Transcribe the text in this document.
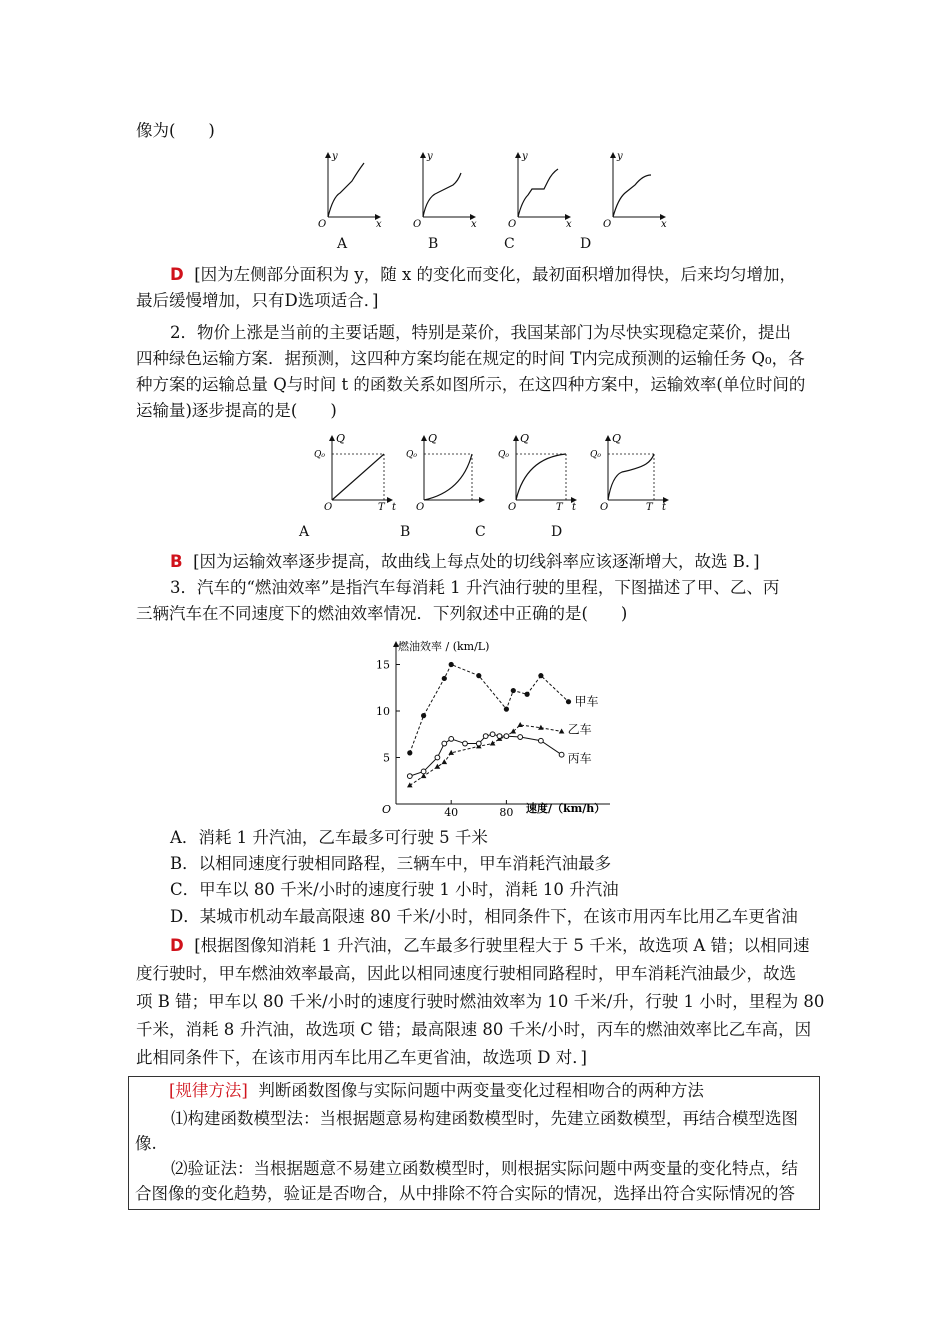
像为(　　)
y
x
O
y
x
O
y
x
O
y
x
O
A	B	C	D
D [因为左侧部分面积为 y，随 x 的变化而变化，最初面积增加得快，后来均匀增加，
最后缓慢增加，只有D选项适合．]
2．物价上涨是当前的主要话题，特别是菜价，我国某部门为尽快实现稳定菜价，提出
四种绿色运输方案．据预测，这四种方案均能在规定的时间 T内完成预测的运输任务 Q₀，各
种方案的运输总量 Q与时间 t 的函数关系如图所示，在这四种方案中，运输效率(单位时间的
运输量)逐步提高的是(　　)
Q
Q₀
O	T t
Q
Q₀
O
Q
Q₀
O	T t
Q
Q₀
O	T t
A	B	C	D
B [因为运输效率逐步提高，故曲线上每点处的切线斜率应该逐渐增大，故选 B．]
3．汽车的“燃油效率”是指汽车每消耗 1 升汽油行驶的里程，下图描述了甲、乙、丙
三辆汽车在不同速度下的燃油效率情况．下列叙述中正确的是(　　)
燃油效率 / (km/L)
速度/（km/h）
O
5
10
15
40	80
甲车
乙车
丙车
A．消耗 1 升汽油，乙车最多可行驶 5 千米
B．以相同速度行驶相同路程，三辆车中，甲车消耗汽油最多
C．甲车以 80 千米/小时的速度行驶 1 小时，消耗 10 升汽油
D．某城市机动车最高限速 80 千米/小时，相同条件下，在该市用丙车比用乙车更省油
D [根据图像知消耗 1 升汽油，乙车最多行驶里程大于 5 千米，故选项 A 错；以相同速
度行驶时，甲车燃油效率最高，因此以相同速度行驶相同路程时，甲车消耗汽油最少，故选
项 B 错；甲车以 80 千米/小时的速度行驶时燃油效率为 10 千米/升，行驶 1 小时，里程为 80
千米，消耗 8 升汽油，故选项 C 错；最高限速 80 千米/小时，丙车的燃油效率比乙车高，因
此相同条件下，在该市用丙车比用乙车更省油，故选项 D 对．]
[规律方法] 判断函数图像与实际问题中两变量变化过程相吻合的两种方法
⑴构建函数模型法：当根据题意易构建函数模型时，先建立函数模型，再结合模型选图
像.
⑵验证法：当根据题意不易建立函数模型时，则根据实际问题中两变量的变化特点，结
合图像的变化趋势，验证是否吻合，从中排除不符合实际的情况，选择出符合实际情况的答
